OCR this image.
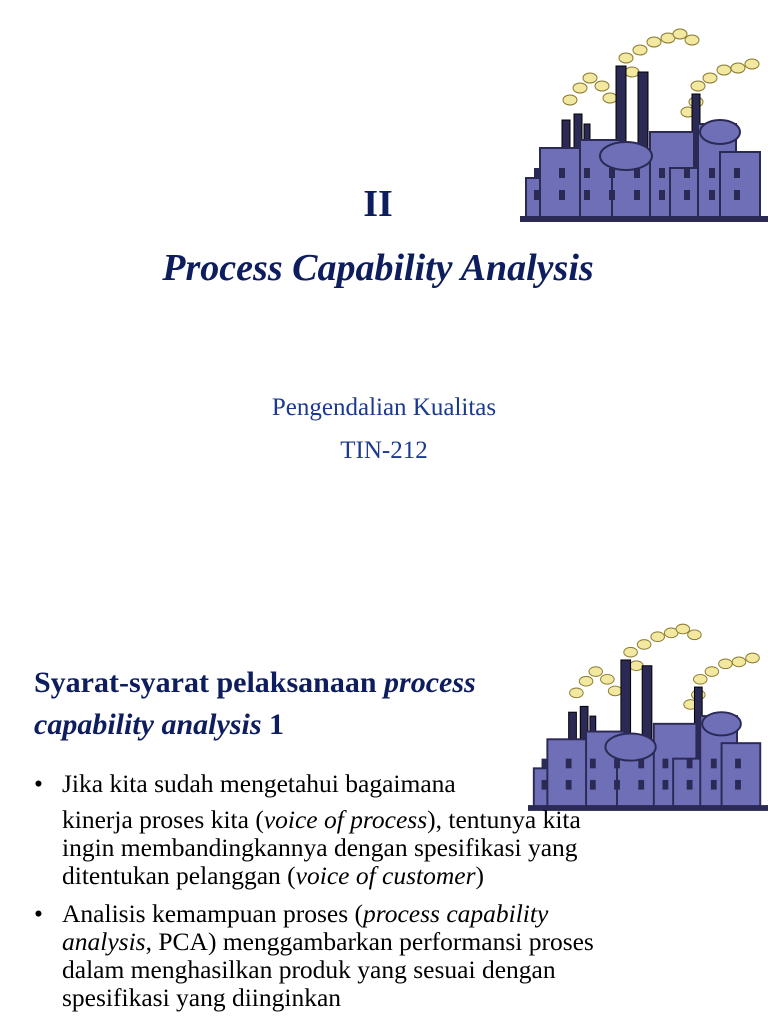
II
Process Capability Analysis
Pengendalian Kualitas
TIN-212
Syarat-syarat pelaksanaan process
capability analysis 1
• Jika kita sudah mengetahui bagaimana
kinerja proses kita (voice of process), tentunya kita
ingin membandingkannya dengan spesifikasi yang
ditentukan pelanggan (voice of customer)
• Analisis kemampuan proses (process capability
analysis, PCA) menggambarkan performansi proses
dalam menghasilkan produk yang sesuai dengan
spesifikasi yang diinginkan
